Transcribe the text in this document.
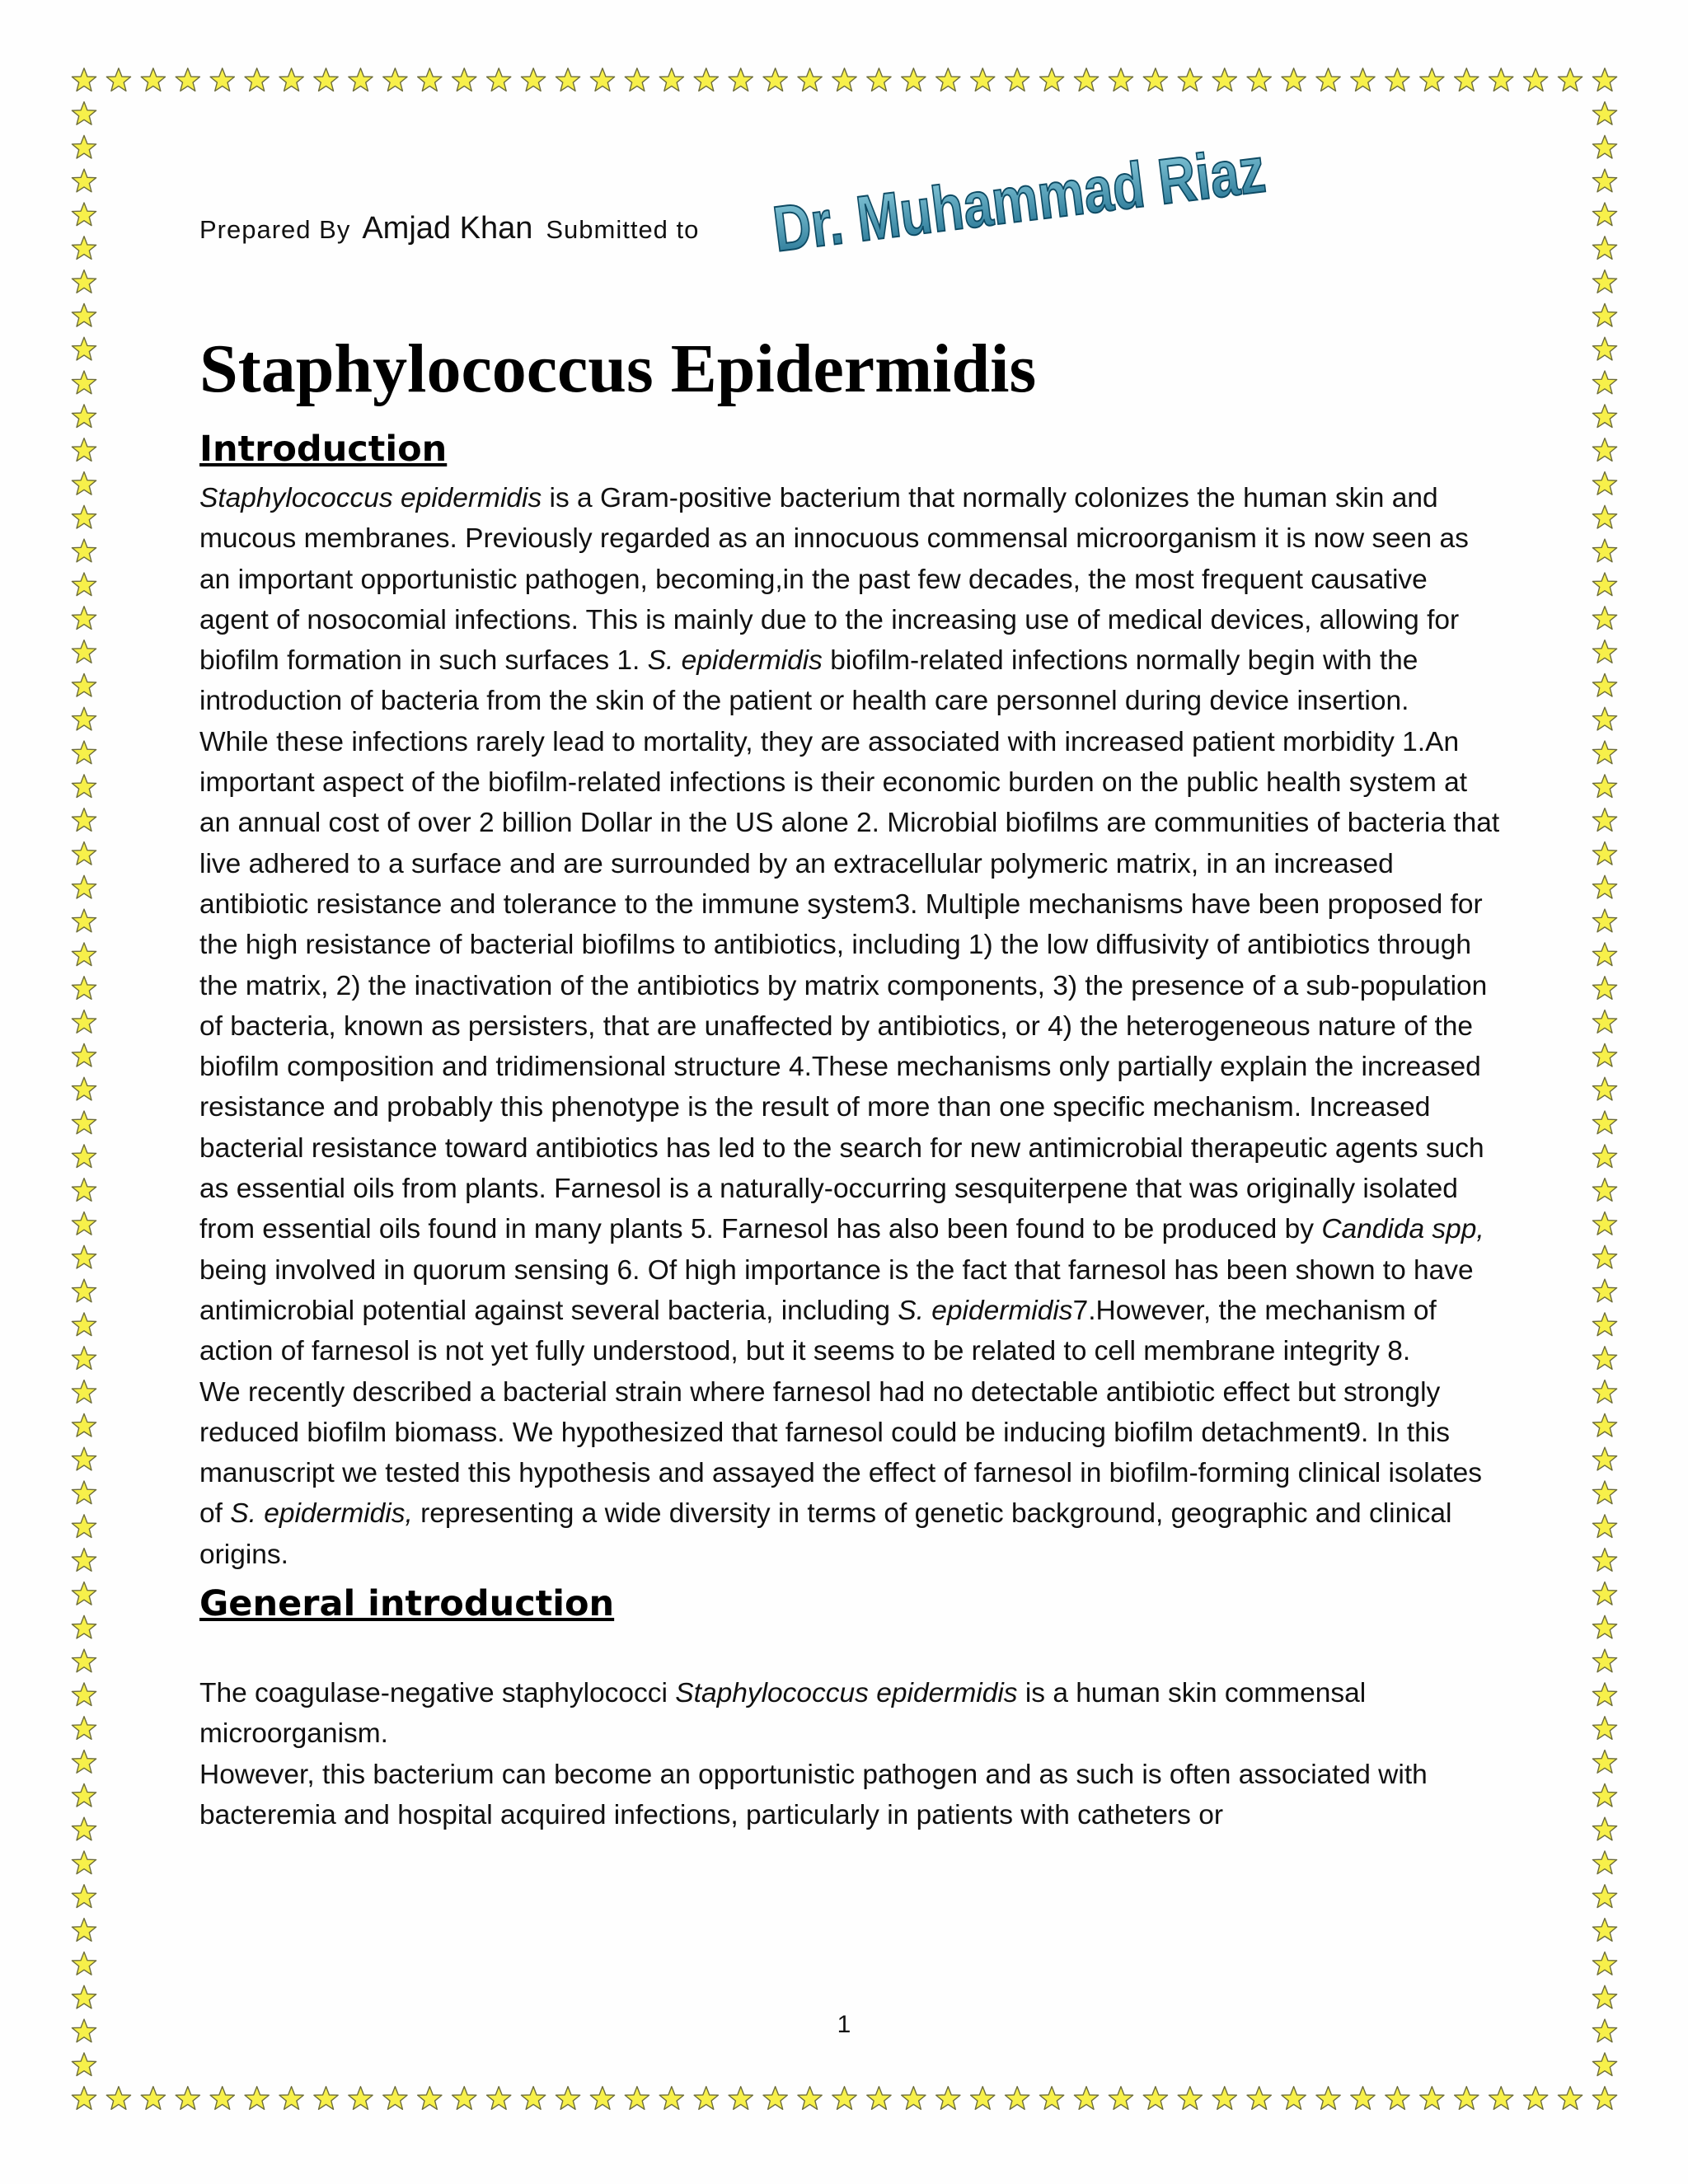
Dr. Muhammad Riaz
Prepared By Amjad Khan Submitted to
Staphylococcus Epidermidis
Introduction

Staphylococcus epidermidis is a Gram-positive bacterium that normally colonizes the human skin and mucous membranes. Previously regarded as an innocuous commensal microorganism it is now seen as an important opportunistic pathogen, becoming,in the past few decades, the most frequent causative agent of nosocomial infections. This is mainly due to the increasing use of medical devices, allowing for biofilm formation in such surfaces 1. S. epidermidis biofilm-related infections normally begin with the introduction of bacteria from the skin of the patient or health care personnel during device insertion.

While these infections rarely lead to mortality, they are associated with increased patient morbidity 1.An important aspect of the biofilm-related infections is their economic burden on the public health system at an annual cost of over 2 billion Dollar in the US alone 2. Microbial biofilms are communities of bacteria that live adhered to a surface and are surrounded by an extracellular polymeric matrix, in an increased antibiotic resistance and tolerance to the immune system3. Multiple mechanisms have been proposed for the high resistance of bacterial biofilms to antibiotics, including 1) the low diffusivity of antibiotics through the matrix, 2) the inactivation of the antibiotics by matrix components, 3) the presence of a sub-population of bacteria, known as persisters, that are unaffected by antibiotics, or 4) the heterogeneous nature of the biofilm composition and tridimensional structure 4.These mechanisms only partially explain the increased resistance and probably this phenotype is the result of more than one specific mechanism. Increased bacterial resistance toward antibiotics has led to the search for new antimicrobial therapeutic agents such as essential oils from plants. Farnesol is a naturally-occurring sesquiterpene that was originally isolated from essential oils found in many plants 5. Farnesol has also been found to be produced by Candida spp, being involved in quorum sensing 6. Of high importance is the fact that farnesol has been shown to have antimicrobial potential against several bacteria, including S. epidermidis7.However, the mechanism of action of farnesol is not yet fully understood, but it seems to be related to cell membrane integrity 8.

We recently described a bacterial strain where farnesol had no detectable antibiotic effect but strongly reduced biofilm biomass. We hypothesized that farnesol could be inducing biofilm detachment9. In this manuscript we tested this hypothesis and assayed the effect of farnesol in biofilm-forming clinical isolates of S. epidermidis, representing a wide diversity in terms of genetic background, geographic and clinical origins.

General introduction

The coagulase-negative staphylococci Staphylococcus epidermidis is a human skin commensal microorganism.

However, this bacterium can become an opportunistic pathogen and as such is often associated with bacteremia and hospital acquired infections, particularly in patients with catheters or

1
